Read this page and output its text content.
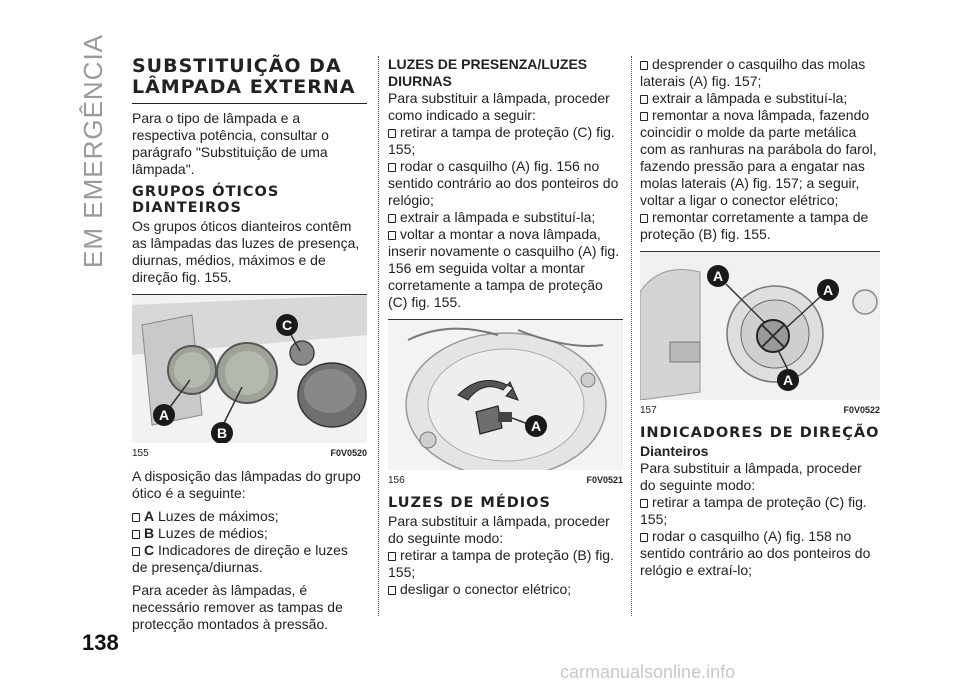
EM EMERGÊNCIA SUBSTITUIÇÃO DA LÂMPADA EXTERNA

Para o tipo de lâmpada e a respectiva potência, consultar o parágrafo "Substituição de uma lâmpada".

GRUPOS ÓTICOS DIANTEIROS

Os grupos óticos dianteiros contêm as lâmpadas das luzes de presença, diurnas, médios, máximos e de direção fig. 155.

A
B
C
155	F0V0520

A disposição das lâmpadas do grupo ótico é a seguinte:

A Luzes de máximos;
B Luzes de médios;
C Indicadores de direção e luzes de presença/diurnas.

Para aceder às lâmpadas, é necessário remover as tampas de protecção montados à pressão.

LUZES DE PRESENZA/LUZES DIURNAS

Para substituir a lâmpada, proceder como indicado a seguir:

retirar a tampa de proteção (C) fig. 155;
rodar o casquilho (A) fig. 156 no sentido contrário ao dos ponteiros do relógio;
extrair a lâmpada e substituí-la;
voltar a montar a nova lâmpada, inserir novamente o casquilho (A) fig. 156 em seguida voltar a montar corretamente a tampa de proteção (C) fig. 155.
A
156	F0V0521
LUZES DE MÉDIOS

Para substituir a lâmpada, proceder do seguinte modo:

retirar a tampa de proteção (B) fig. 155;
desligar o conector elétrico;
desprender o casquilho das molas laterais (A) fig. 157;
extrair a lâmpada e substituí-la;
remontar a nova lâmpada, fazendo coincidir o molde da parte metálica com as ranhuras na parábola do farol, fazendo pressão para a engatar nas molas laterais (A) fig. 157; a seguir, voltar a ligar o conector elétrico;
remontar corretamente a tampa de proteção (B) fig. 155.
A
A
A
157	F0V0522
INDICADORES DE DIREÇÃO
Dianteiros

Para substituir a lâmpada, proceder do seguinte modo:

retirar a tampa de proteção (C) fig. 155;
rodar o casquilho (A) fig. 158 no sentido contrário ao dos ponteiros do relógio e extraí-lo;
138
carmanualsonline.info
